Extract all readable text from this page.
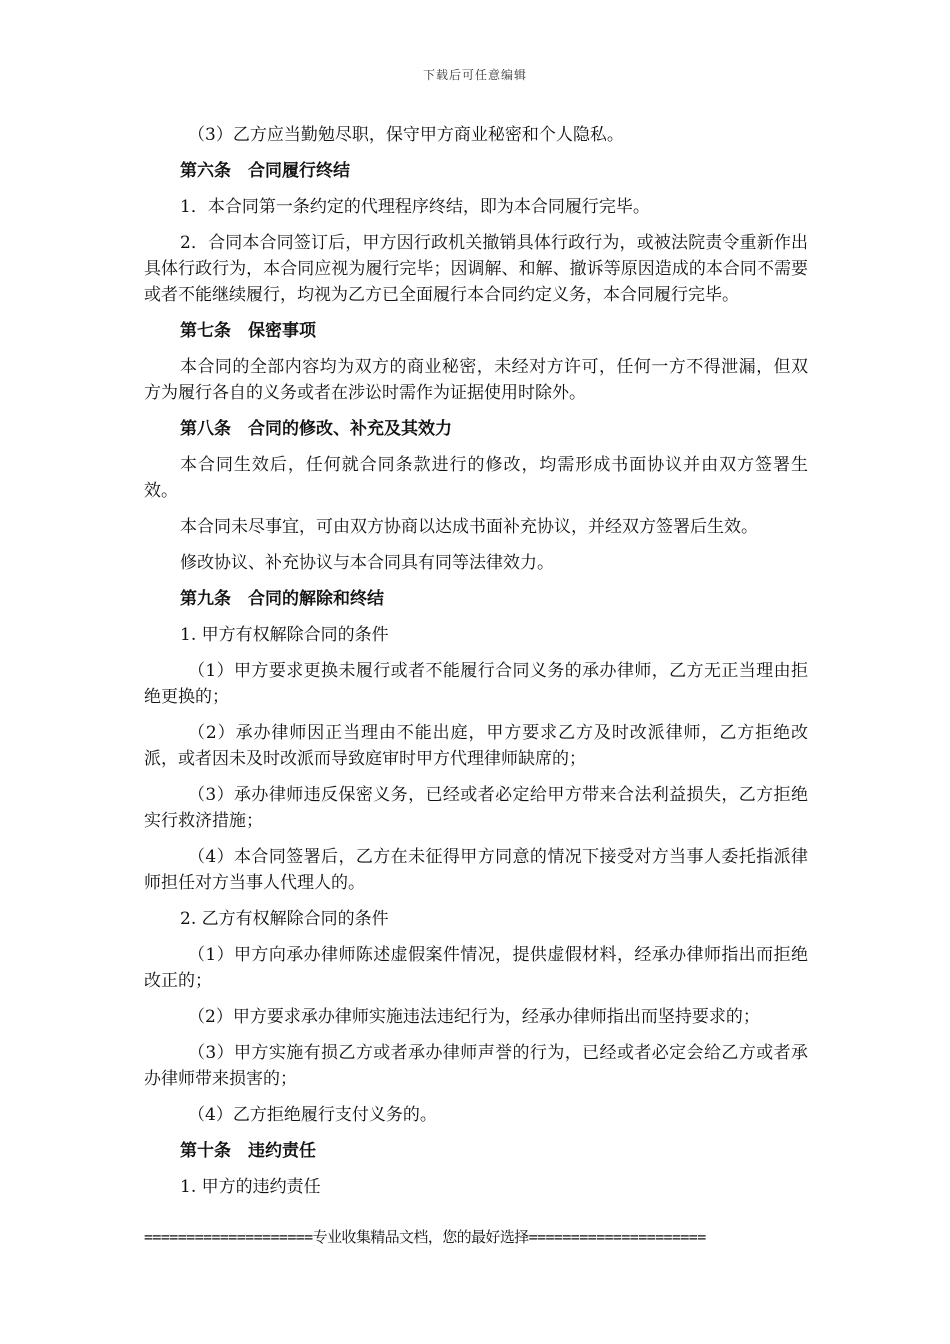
下载后可任意编辑

（3）乙方应当勤勉尽职，保守甲方商业秘密和个人隐私。

第六条　合同履行终结

1．本合同第一条约定的代理程序终结，即为本合同履行完毕。

2．合同本合同签订后，甲方因行政机关撤销具体行政行为，或被法院责令重新作出具体行政行为，本合同应视为履行完毕；因调解、和解、撤诉等原因造成的本合同不需要或者不能继续履行，均视为乙方已全面履行本合同约定义务，本合同履行完毕。

第七条　保密事项

本合同的全部内容均为双方的商业秘密，未经对方许可，任何一方不得泄漏，但双方为履行各自的义务或者在涉讼时需作为证据使用时除外。

第八条　合同的修改、补充及其效力

本合同生效后，任何就合同条款进行的修改，均需形成书面协议并由双方签署生效。

本合同未尽事宜，可由双方协商以达成书面补充协议，并经双方签署后生效。

修改协议、补充协议与本合同具有同等法律效力。

第九条　合同的解除和终结

1. 甲方有权解除合同的条件

（1）甲方要求更换未履行或者不能履行合同义务的承办律师，乙方无正当理由拒绝更换的；

（2）承办律师因正当理由不能出庭，甲方要求乙方及时改派律师，乙方拒绝改派，或者因未及时改派而导致庭审时甲方代理律师缺席的；

（3）承办律师违反保密义务，已经或者必定给甲方带来合法利益损失，乙方拒绝实行救济措施；

（4）本合同签署后，乙方在未征得甲方同意的情况下接受对方当事人委托指派律师担任对方当事人代理人的。

2. 乙方有权解除合同的条件

（1）甲方向承办律师陈述虚假案件情况，提供虚假材料，经承办律师指出而拒绝改正的；

（2）甲方要求承办律师实施违法违纪行为，经承办律师指出而坚持要求的；

（3）甲方实施有损乙方或者承办律师声誉的行为，已经或者必定会给乙方或者承办律师带来损害的；

（4）乙方拒绝履行支付义务的。

第十条　违约责任

1. 甲方的违约责任

====================专业收集精品文档，您的最好选择=====================
